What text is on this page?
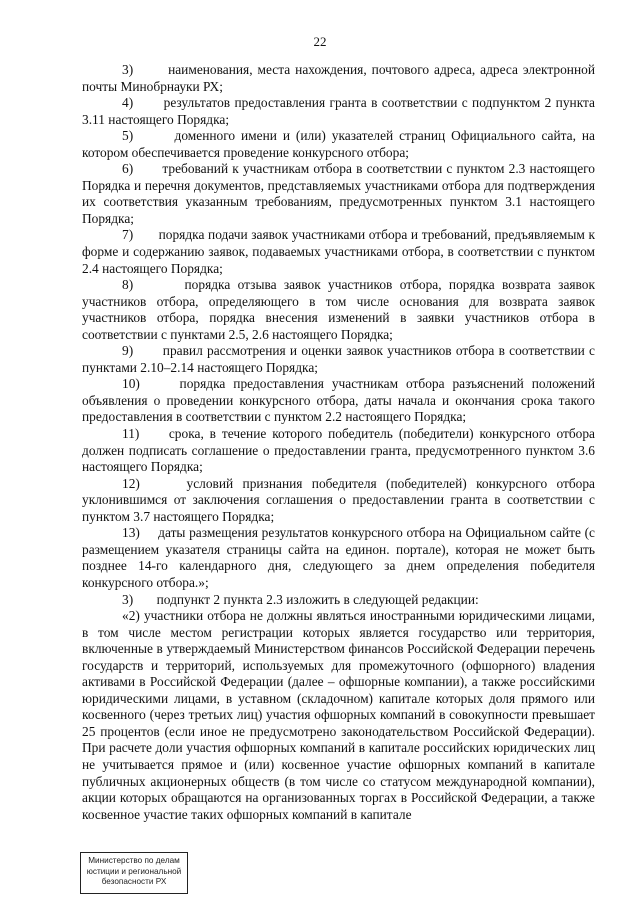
22

3)       наименования, места нахождения, почтового адреса, адреса электронной почты Минобрнауки РХ;

4)       результатов предоставления гранта в соответствии с подпунктом 2 пункта 3.11 настоящего Порядка;

5)       доменного имени и (или) указателей страниц Официального сайта, на котором обеспечивается проведение конкурсного отбора;

6)       требований к участникам отбора в соответствии с пунктом 2.3 настоящего Порядка и перечня документов, представляемых участниками отбора для подтверждения их соответствия указанным требованиям, предусмотренных пунктом 3.1 настоящего Порядка;

7)       порядка подачи заявок участниками отбора и требований, предъявляемым к форме и содержанию заявок, подаваемых участниками отбора, в соответствии с пунктом 2.4 настоящего Порядка;

8)       порядка отзыва заявок участников отбора, порядка возврата заявок участников отбора, определяющего в том числе основания для возврата заявок участников отбора, порядка внесения изменений в заявки участников отбора в соответствии с пунктами 2.5, 2.6 настоящего Порядка;

9)       правил рассмотрения и оценки заявок участников отбора в соответствии с пунктами 2.10–2.14 настоящего Порядка;

10)     порядка предоставления участникам отбора разъяснений положений объявления о проведении конкурсного отбора, даты начала и окончания срока такого предоставления в соответствии с пунктом 2.2 настоящего Порядка;

11)     срока, в течение которого победитель (победители) конкурсного отбора должен подписать соглашение о предоставлении гранта, предусмотренного пунктом 3.6 настоящего Порядка;

12)     условий признания победителя (победителей) конкурсного отбора уклонившимся от заключения соглашения о предоставлении гранта в соответствии с пунктом 3.7 настоящего Порядка;

13)     даты размещения результатов конкурсного отбора на Официальном сайте (с размещением указателя страницы сайта на единон. портале), которая не может быть позднее 14-го календарного дня, следующего за днем определения победителя конкурсного отбора.»;

3)       подпункт 2 пункта 2.3 изложить в следующей редакции:

«2) участники отбора не должны являться иностранными юридическими лицами, в том числе местом регистрации которых является государство или территория, включенные в утверждаемый Министерством финансов Российской Федерации перечень государств и территорий, используемых для промежуточного (офшорного) владения активами в Российской Федерации (далее – офшорные компании), а также российскими юридическими лицами, в уставном (складочном) капитале которых доля прямого или косвенного (через третьих лиц) участия офшорных компаний в совокупности превышает 25 процентов (если иное не предусмотрено законодательством Российской Федерации). При расчете доли участия офшорных компаний в капитале российских юридических лиц не учитывается прямое и (или) косвенное участие офшорных компаний в капитале публичных акционерных обществ (в том числе со статусом международной компании), акции которых обращаются на организованных торгах в Российской Федерации, а также косвенное участие таких офшорных компаний в капитале

Министерство по делам
юстиции и региональной
безопасности РХ
